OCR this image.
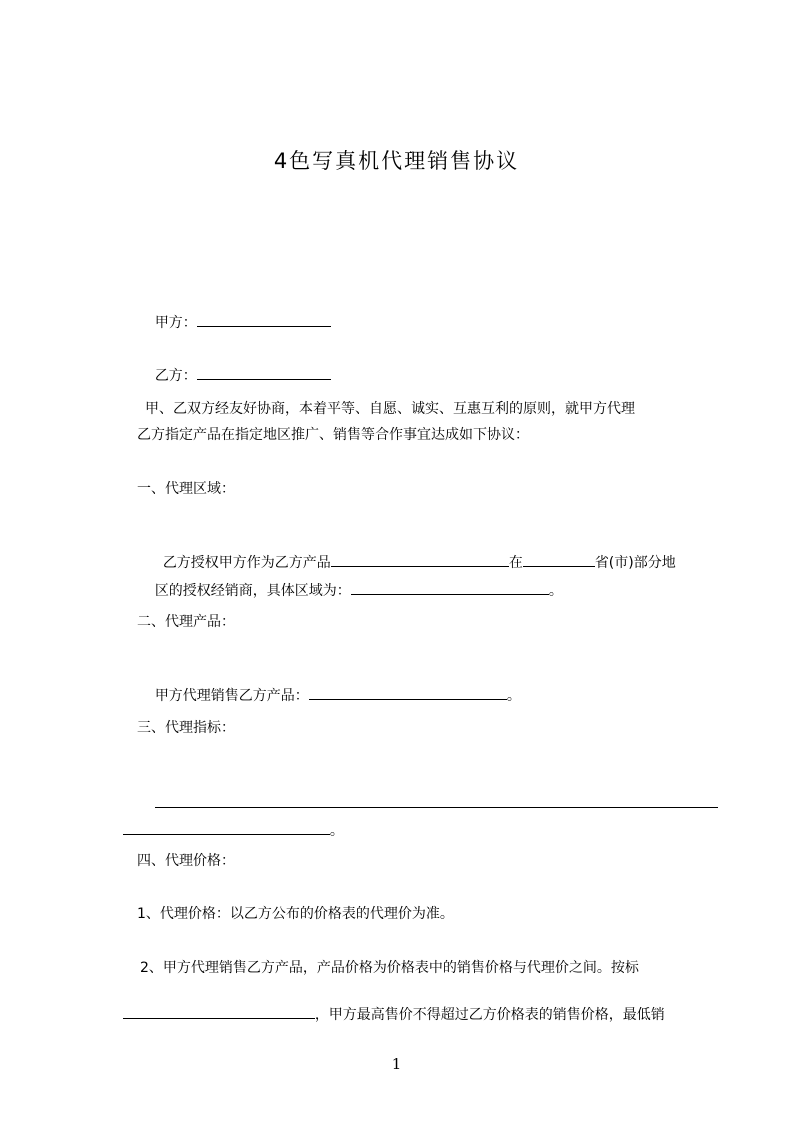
4色写真机代理销售协议

甲方：

乙方：

甲、乙双方经友好协商，本着平等、自愿、诚实、互惠互利的原则，就甲方代理
乙方指定产品在指定地区推广、销售等合作事宜达成如下协议：
一、代理区域：

乙方授权甲方作为乙方产品	在	省(市)部分地

区的授权经销商，具体区域为：	。

二、代理产品：

甲方代理销售乙方产品：	。

三、代理指标：

。

四、代理价格：
1、代理价格：以乙方公布的价格表的代理价为准。
2、甲方代理销售乙方产品，产品价格为价格表中的销售价格与代理价之间。按标

，甲方最高售价不得超过乙方价格表的销售价格，最低销

1
